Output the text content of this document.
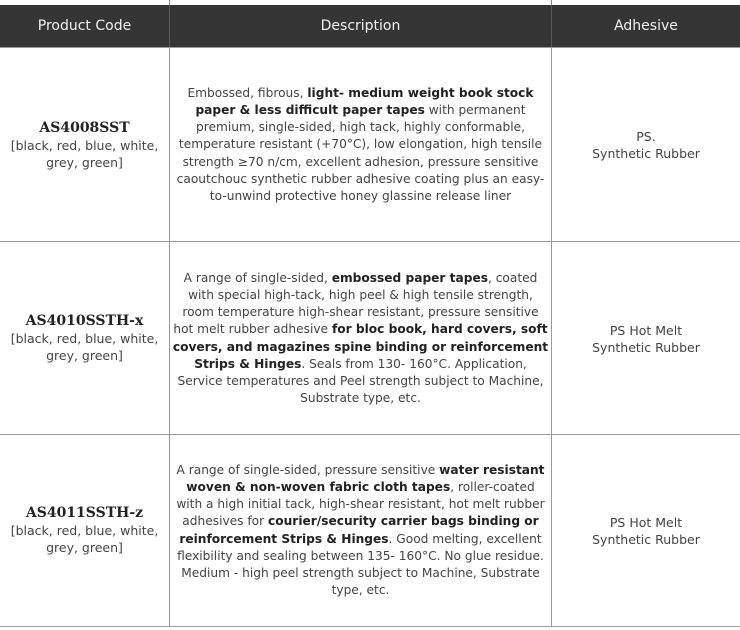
Product Code	Description	Adhesive
AS4008SST
[black, red, blue, white, grey, green]
Embossed, fibrous, light- medium weight book stock paper & less difficult paper tapes with permanent premium, single-sided, high tack, highly conformable, temperature resistant (+70°C), low elongation, high tensile strength ≥70 n/cm, excellent adhesion, pressure sensitive caoutchouc synthetic rubber adhesive coating plus an easy-to-unwind protective honey glassine release liner
PS.
Synthetic Rubber
AS4010SSTH-x
[black, red, blue, white, grey, green]
A range of single-sided, embossed paper tapes, coated with special high-tack, high peel & high tensile strength, room temperature high-shear resistant, pressure sensitive hot melt rubber adhesive for bloc book, hard covers, soft covers, and magazines spine binding or reinforcement Strips & Hinges. Seals from 130- 160°C. Application, Service temperatures and Peel strength subject to Machine, Substrate type, etc.
PS Hot Melt
Synthetic Rubber
AS4011SSTH-z
[black, red, blue, white, grey, green]
A range of single-sided, pressure sensitive water resistant woven & non-woven fabric cloth tapes, roller-coated with a high initial tack, high-shear resistant, hot melt rubber adhesives for courier/security carrier bags binding or reinforcement Strips & Hinges. Good melting, excellent flexibility and sealing between 135- 160°C. No glue residue. Medium - high peel strength subject to Machine, Substrate type, etc.
PS Hot Melt
Synthetic Rubber
